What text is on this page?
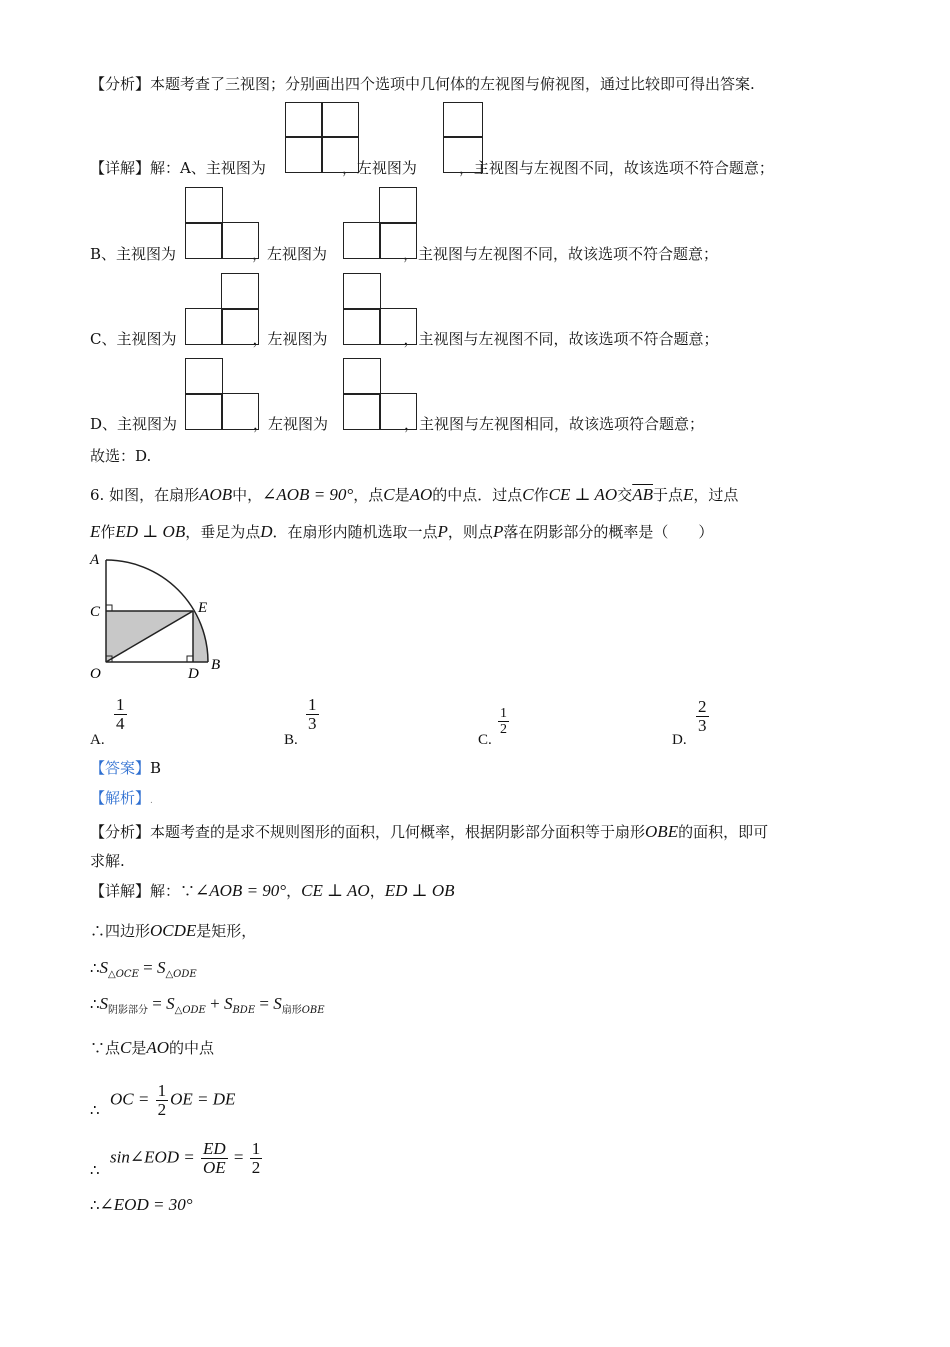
【分析】本题考查了三视图；分别画出四个选项中几何体的左视图与俯视图，通过比较即可得出答案.
【详解】解：A、主视图为	，左视图为	，主视图与左视图不同，故该选项不符合题意；
B、主视图为	，左视图为	，主视图与左视图不同，故该选项不符合题意；
C、主视图为	，左视图为	，主视图与左视图不同，故该选项不符合题意；
D、主视图为	，左视图为	，主视图与左视图相同，故该选项符合题意；
故选：D.
6. 如图，在扇形AOB中，∠AOB = 90°，点C是AO的中点．过点C作CE ⊥ AO交$\overline{AB}$于点E，过点
E作ED ⊥ OB，垂足为点D．在扇形内随机选取一点P，则点P落在阴影部分的概率是（　　）
A
C	E
O	D
B
A.
$\frac{1}{4}$
B.
$\frac{1}{3}$
C.
$\frac{1}{2}$
D.
$\frac{2}{3}$
【答案】B
【解析】.
【分析】本题考查的是求不规则图形的面积，几何概率，根据阴影部分面积等于扇形OBE的面积，即可
求解.
【详解】解：∵∠AOB = 90°，CE ⊥ AO，ED ⊥ OB
∴四边形OCDE是矩形，
$\therefore S_{\triangle OCE} = S_{\triangle ODE}$
$\therefore S_{阴影部分} = S_{\triangle ODE} + S_{BDE} = S_{扇形OBE}$
∵点C是AO的中点
∴
OC = $\frac{1}{2}$ OE = DE
∴
sin∠EOD = $\frac{ED}{OE} = \frac{1}{2}$
∴∠EOD = 30°
